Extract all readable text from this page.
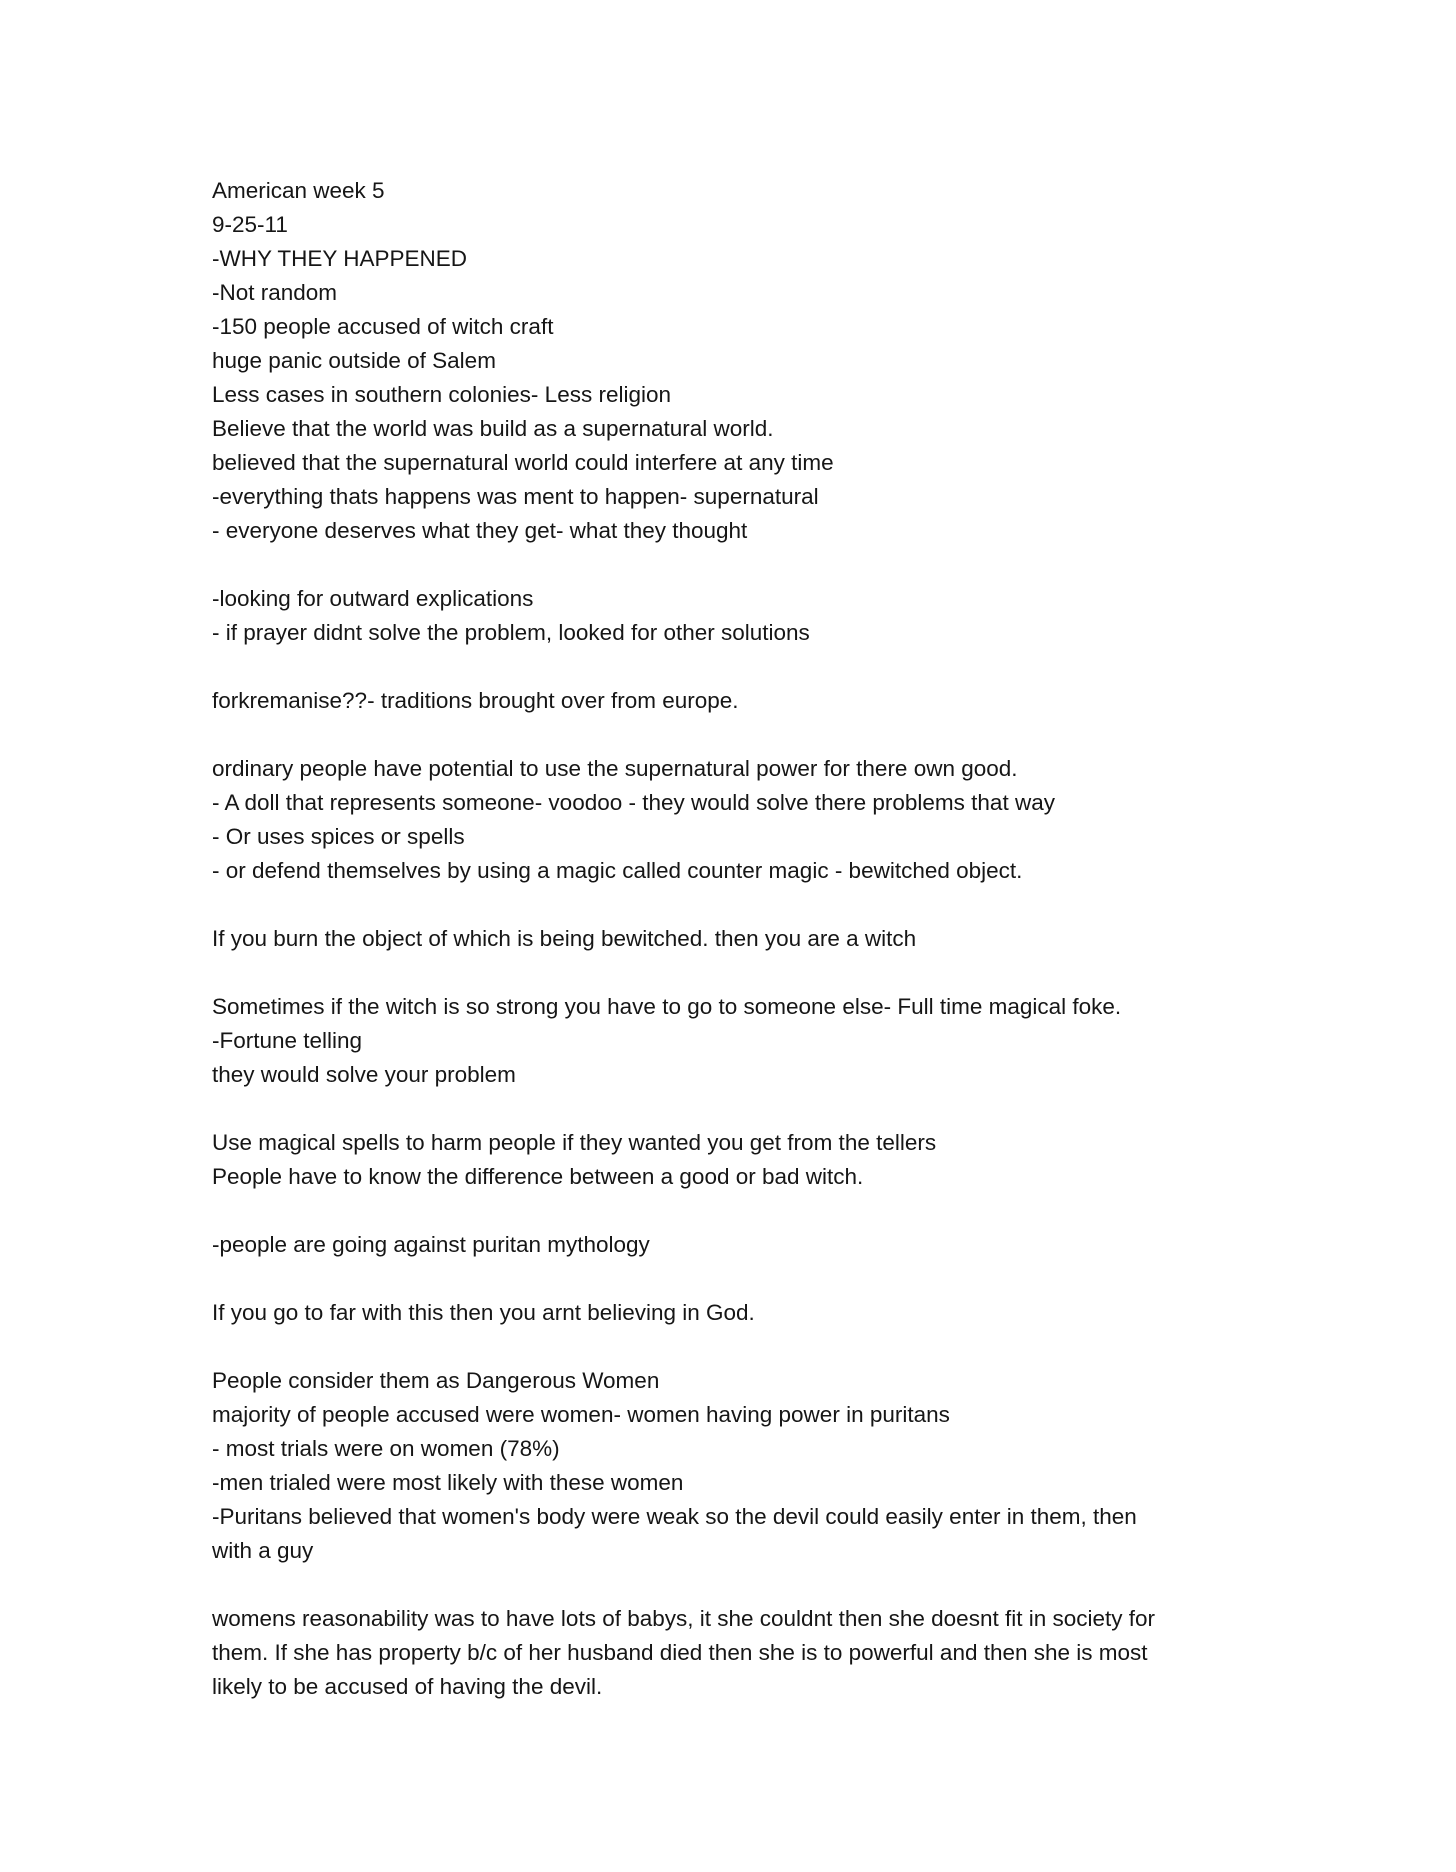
American week 5
9-25-11
-WHY THEY HAPPENED
-Not random
-150 people accused of witch craft
huge panic outside of Salem
Less cases in southern colonies- Less religion
Believe that the world was build as a supernatural world.
believed that the supernatural world could interfere at any time
-everything thats happens was ment to happen- supernatural
- everyone deserves what they get- what they thought
-looking for outward explications
- if prayer didnt solve the problem, looked for other solutions
forkremanise??- traditions brought over from europe.
ordinary people have potential to use the supernatural power for there own good.
- A doll that represents someone- voodoo - they would solve there problems that way
- Or uses spices or spells
- or defend themselves by using a magic called counter magic - bewitched object.
If you burn the object of which is being bewitched. then you are a witch
Sometimes if the witch is so strong you have to go to someone else- Full time magical foke.
-Fortune telling
they would solve your problem
Use magical spells to harm people if they wanted you get from the tellers
People have to know the difference between a good or bad witch.
-people are going against puritan mythology
If you go to far with this then you arnt believing in God.
People consider them as Dangerous Women
majority of people accused were women- women having power in puritans
- most trials were on women (78%)
-men trialed were most likely with these women
-Puritans believed that women's body were weak so the devil could easily enter in them, then
with a guy
womens reasonability was to have lots of babys, it she couldnt then she doesnt fit in society for
them. If she has property b/c of her husband died then she is to powerful and then she is most
likely to be accused of having the devil.
